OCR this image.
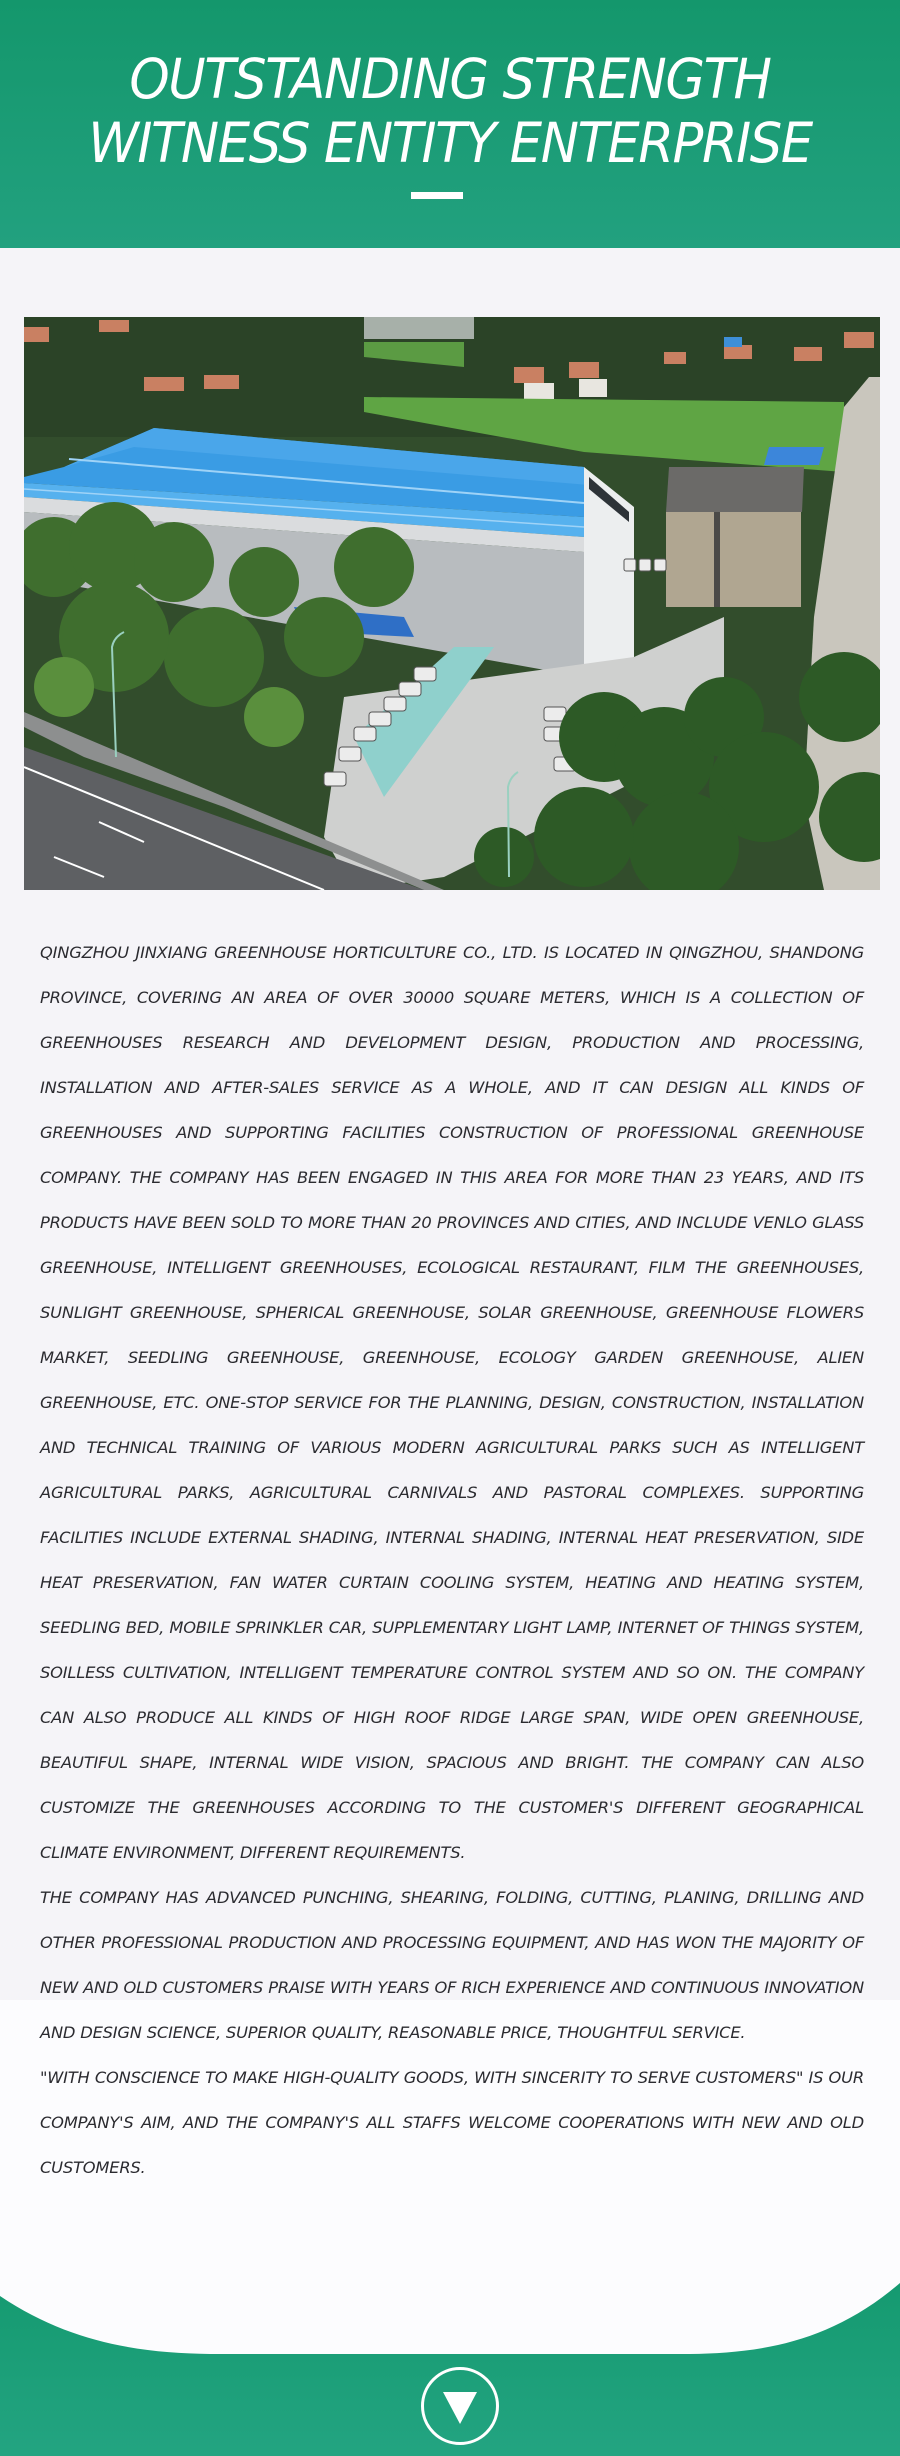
OUTSTANDING STRENGTH
WITNESS ENTITY ENTERPRISE

QINGZHOU JINXIANG GREENHOUSE HORTICULTURE CO., LTD. IS LOCATED IN QINGZHOU, SHANDONG PROVINCE, COVERING AN AREA OF OVER 30000 SQUARE METERS, WHICH IS A COLLECTION OF GREENHOUSES RESEARCH AND DEVELOPMENT DESIGN, PRODUCTION AND PROCESSING, INSTALLATION AND AFTER-SALES SERVICE AS A WHOLE, AND IT CAN DESIGN ALL KINDS OF GREENHOUSES AND SUPPORTING FACILITIES CONSTRUCTION OF PROFESSIONAL GREENHOUSE COMPANY. THE COMPANY HAS BEEN ENGAGED IN THIS AREA FOR MORE THAN 23 YEARS, AND ITS PRODUCTS HAVE BEEN SOLD TO MORE THAN 20 PROVINCES AND CITIES, AND INCLUDE VENLO GLASS GREENHOUSE, INTELLIGENT GREENHOUSES, ECOLOGICAL RESTAURANT, FILM THE GREENHOUSES, SUNLIGHT GREENHOUSE, SPHERICAL GREENHOUSE, SOLAR GREENHOUSE, GREENHOUSE FLOWERS MARKET, SEEDLING GREENHOUSE, GREENHOUSE, ECOLOGY GARDEN GREENHOUSE, ALIEN GREENHOUSE, ETC. ONE-STOP SERVICE FOR THE PLANNING, DESIGN, CONSTRUCTION, INSTALLATION AND TECHNICAL TRAINING OF VARIOUS MODERN AGRICULTURAL PARKS SUCH AS INTELLIGENT AGRICULTURAL PARKS, AGRICULTURAL CARNIVALS AND PASTORAL COMPLEXES. SUPPORTING FACILITIES INCLUDE EXTERNAL SHADING, INTERNAL SHADING, INTERNAL HEAT PRESERVATION, SIDE HEAT PRESERVATION, FAN WATER CURTAIN COOLING SYSTEM, HEATING AND HEATING SYSTEM, SEEDLING BED, MOBILE SPRINKLER CAR, SUPPLEMENTARY LIGHT LAMP, INTERNET OF THINGS SYSTEM, SOILLESS CULTIVATION, INTELLIGENT TEMPERATURE CONTROL SYSTEM AND SO ON. THE COMPANY CAN ALSO PRODUCE ALL KINDS OF HIGH ROOF RIDGE LARGE SPAN, WIDE OPEN GREENHOUSE, BEAUTIFUL SHAPE, INTERNAL WIDE VISION, SPACIOUS AND BRIGHT. THE COMPANY CAN ALSO CUSTOMIZE THE GREENHOUSES ACCORDING TO THE CUSTOMER'S DIFFERENT GEOGRAPHICAL CLIMATE ENVIRONMENT, DIFFERENT REQUIREMENTS.

THE COMPANY HAS ADVANCED PUNCHING, SHEARING, FOLDING, CUTTING, PLANING, DRILLING AND OTHER PROFESSIONAL PRODUCTION AND PROCESSING EQUIPMENT, AND HAS WON THE MAJORITY OF NEW AND OLD CUSTOMERS PRAISE WITH YEARS OF RICH EXPERIENCE AND CONTINUOUS INNOVATION AND DESIGN SCIENCE, SUPERIOR QUALITY, REASONABLE PRICE, THOUGHTFUL SERVICE.

"WITH CONSCIENCE TO MAKE HIGH-QUALITY GOODS, WITH SINCERITY TO SERVE CUSTOMERS" IS OUR COMPANY'S AIM, AND THE COMPANY'S ALL STAFFS WELCOME COOPERATIONS WITH NEW AND OLD CUSTOMERS.
